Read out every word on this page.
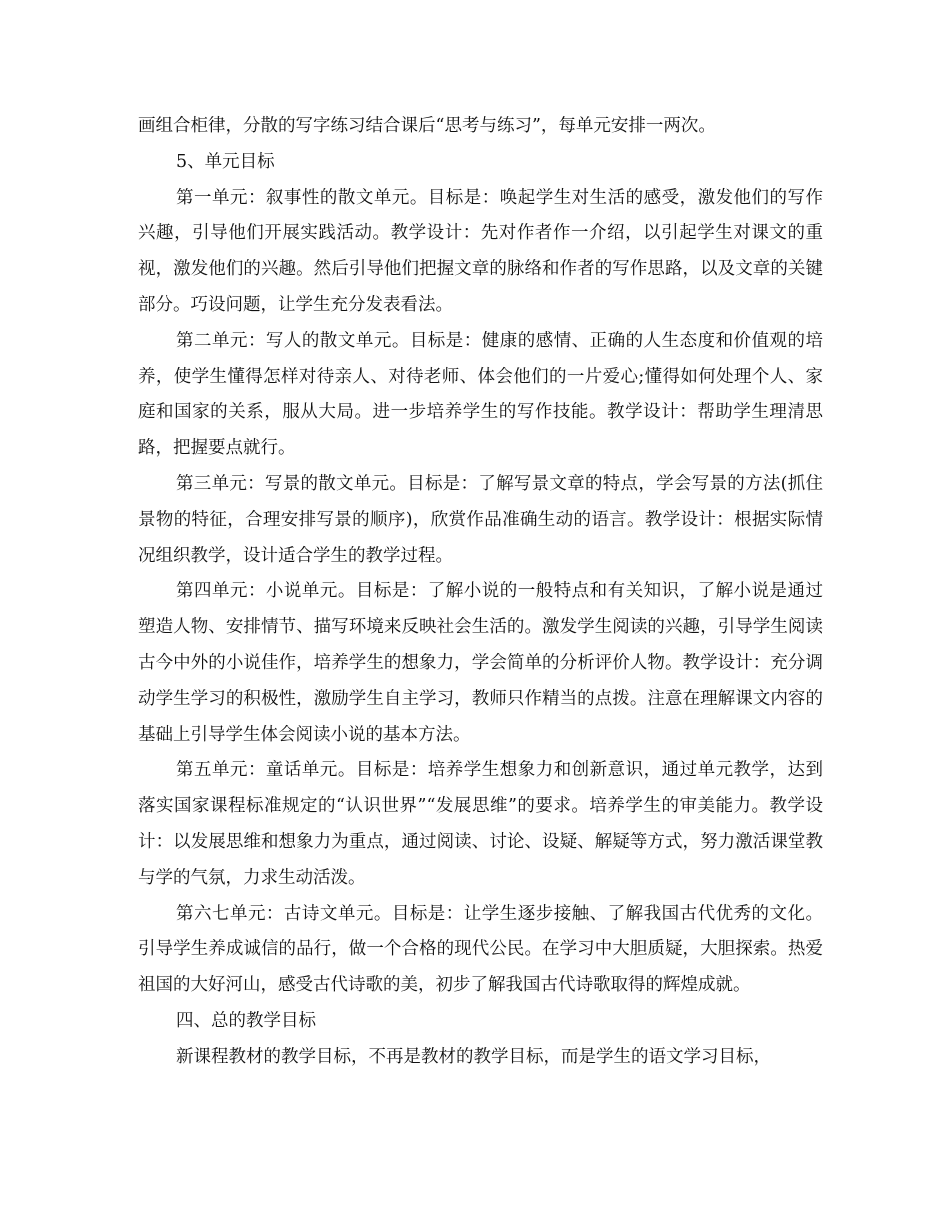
画组合柜律，分散的写字练习结合课后“思考与练习”，每单元安排一两次。

5、单元目标

第一单元：叙事性的散文单元。目标是：唤起学生对生活的感受，激发他们的写作兴趣，引导他们开展实践活动。教学设计：先对作者作一介绍，以引起学生对课文的重视，激发他们的兴趣。然后引导他们把握文章的脉络和作者的写作思路，以及文章的关键部分。巧设问题，让学生充分发表看法。

第二单元：写人的散文单元。目标是：健康的感情、正确的人生态度和价值观的培养，使学生懂得怎样对待亲人、对待老师、体会他们的一片爱心;懂得如何处理个人、家庭和国家的关系，服从大局。进一步培养学生的写作技能。教学设计：帮助学生理清思路，把握要点就行。

第三单元：写景的散文单元。目标是：了解写景文章的特点，学会写景的方法(抓住景物的特征，合理安排写景的顺序)，欣赏作品准确生动的语言。教学设计：根据实际情况组织教学，设计适合学生的教学过程。

第四单元：小说单元。目标是：了解小说的一般特点和有关知识，了解小说是通过塑造人物、安排情节、描写环境来反映社会生活的。激发学生阅读的兴趣，引导学生阅读古今中外的小说佳作，培养学生的想象力，学会简单的分析评价人物。教学设计：充分调动学生学习的积极性，激励学生自主学习，教师只作精当的点拨。注意在理解课文内容的基础上引导学生体会阅读小说的基本方法。

第五单元：童话单元。目标是：培养学生想象力和创新意识，通过单元教学，达到落实国家课程标准规定的“认识世界”“发展思维”的要求。培养学生的审美能力。教学设计：以发展思维和想象力为重点，通过阅读、讨论、设疑、解疑等方式，努力激活课堂教与学的气氛，力求生动活泼。

第六七单元：古诗文单元。目标是：让学生逐步接触、了解我国古代优秀的文化。引导学生养成诚信的品行，做一个合格的现代公民。在学习中大胆质疑，大胆探索。热爱祖国的大好河山，感受古代诗歌的美，初步了解我国古代诗歌取得的辉煌成就。

四、总的教学目标

新课程教材的教学目标，不再是教材的教学目标，而是学生的语文学习目标，
